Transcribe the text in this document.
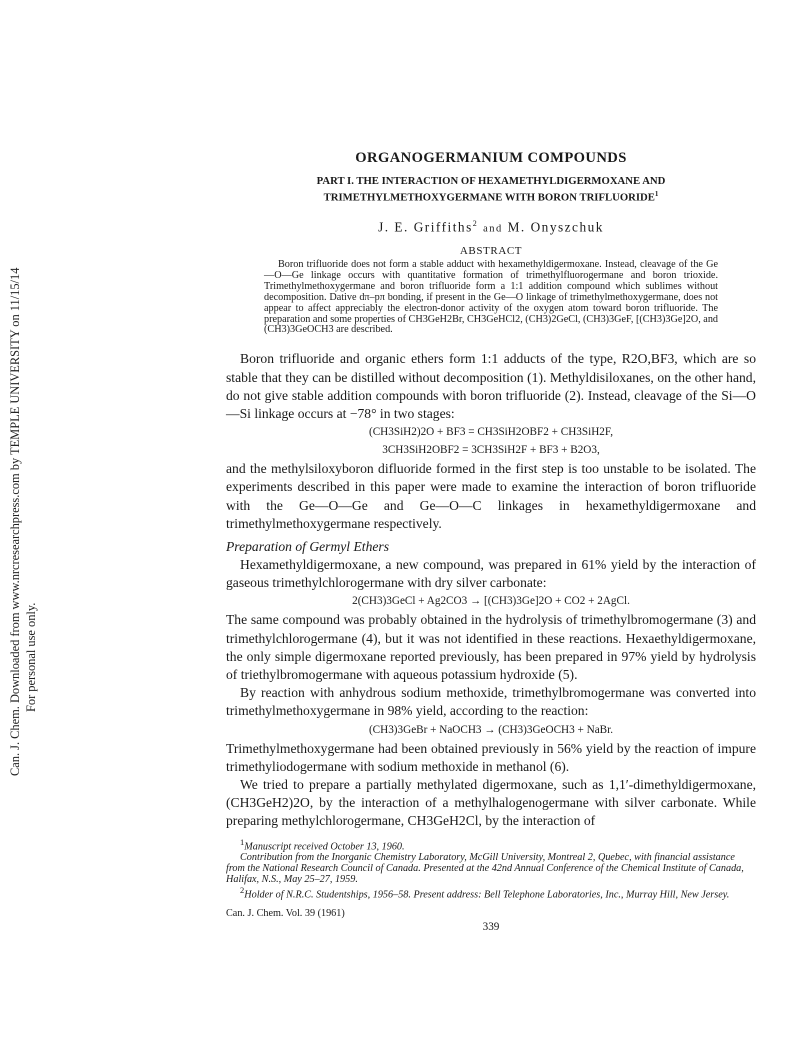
Can. J. Chem. Downloaded from www.nrcresearchpress.com by TEMPLE UNIVERSITY on 11/15/14 For personal use only.
ORGANOGERMANIUM COMPOUNDS
PART I. THE INTERACTION OF HEXAMETHYLDIGERMOXANE AND
TRIMETHYLMETHOXYGERMANE WITH BORON TRIFLUORIDE$^1$
J. E. Griffiths$^2$ and M. Onyszchuk
ABSTRACT

Boron trifluoride does not form a stable adduct with hexamethyldigermoxane. Instead, cleavage of the Ge—O—Ge linkage occurs with quantitative formation of trimethylfluorogermane and boron trioxide. Trimethylmethoxygermane and boron trifluoride form a 1:1 addition compound which sublimes without decomposition. Dative dπ–pπ bonding, if present in the Ge—O linkage of trimethylmethoxygermane, does not appear to affect appreciably the electron-donor activity of the oxygen atom toward boron trifluoride. The preparation and some properties of CH3GeH2Br, CH3GeHCl2, (CH3)2GeCl, (CH3)3GeF, [(CH3)3Ge]2O, and (CH3)3GeOCH3 are described.

Boron trifluoride and organic ethers form 1:1 adducts of the type, R2O,BF3, which are so stable that they can be distilled without decomposition (1). Methyldisiloxanes, on the other hand, do not give stable addition compounds with boron trifluoride (2). Instead, cleavage of the Si—O—Si linkage occurs at −78° in two stages:

(CH3SiH2)2O + BF3 = CH3SiH2OBF2 + CH3SiH2F,
3CH3SiH2OBF2 = 3CH3SiH2F + BF3 + B2O3,

and the methylsiloxyboron difluoride formed in the first step is too unstable to be isolated. The experiments described in this paper were made to examine the interaction of boron trifluoride with the Ge—O—Ge and Ge—O—C linkages in hexamethyldigermoxane and trimethylmethoxygermane respectively.

Preparation of Germyl Ethers

Hexamethyldigermoxane, a new compound, was prepared in 61% yield by the interaction of gaseous trimethylchlorogermane with dry silver carbonate:

2(CH3)3GeCl + Ag2CO3 → [(CH3)3Ge]2O + CO2 + 2AgCl.

The same compound was probably obtained in the hydrolysis of trimethylbromogermane (3) and trimethylchlorogermane (4), but it was not identified in these reactions. Hexaethyldigermoxane, the only simple digermoxane reported previously, has been prepared in 97% yield by hydrolysis of triethylbromogermane with aqueous potassium hydroxide (5).

By reaction with anhydrous sodium methoxide, trimethylbromogermane was converted into trimethylmethoxygermane in 98% yield, according to the reaction:

(CH3)3GeBr + NaOCH3 → (CH3)3GeOCH3 + NaBr.

Trimethylmethoxygermane had been obtained previously in 56% yield by the reaction of impure trimethyliodogermane with sodium methoxide in methanol (6).

We tried to prepare a partially methylated digermoxane, such as 1,1′-dimethyldigermoxane, (CH3GeH2)2O, by the interaction of a methylhalogenogermane with silver carbonate. While preparing methylchlorogermane, CH3GeH2Cl, by the interaction of

$^1$Manuscript received October 13, 1960.

Contribution from the Inorganic Chemistry Laboratory, McGill University, Montreal 2, Quebec, with financial assistance from the National Research Council of Canada. Presented at the 42nd Annual Conference of the Chemical Institute of Canada, Halifax, N.S., May 25–27, 1959.

$^2$Holder of N.R.C. Studentships, 1956–58. Present address: Bell Telephone Laboratories, Inc., Murray Hill, New Jersey.

Can. J. Chem. Vol. 39 (1961)
339
